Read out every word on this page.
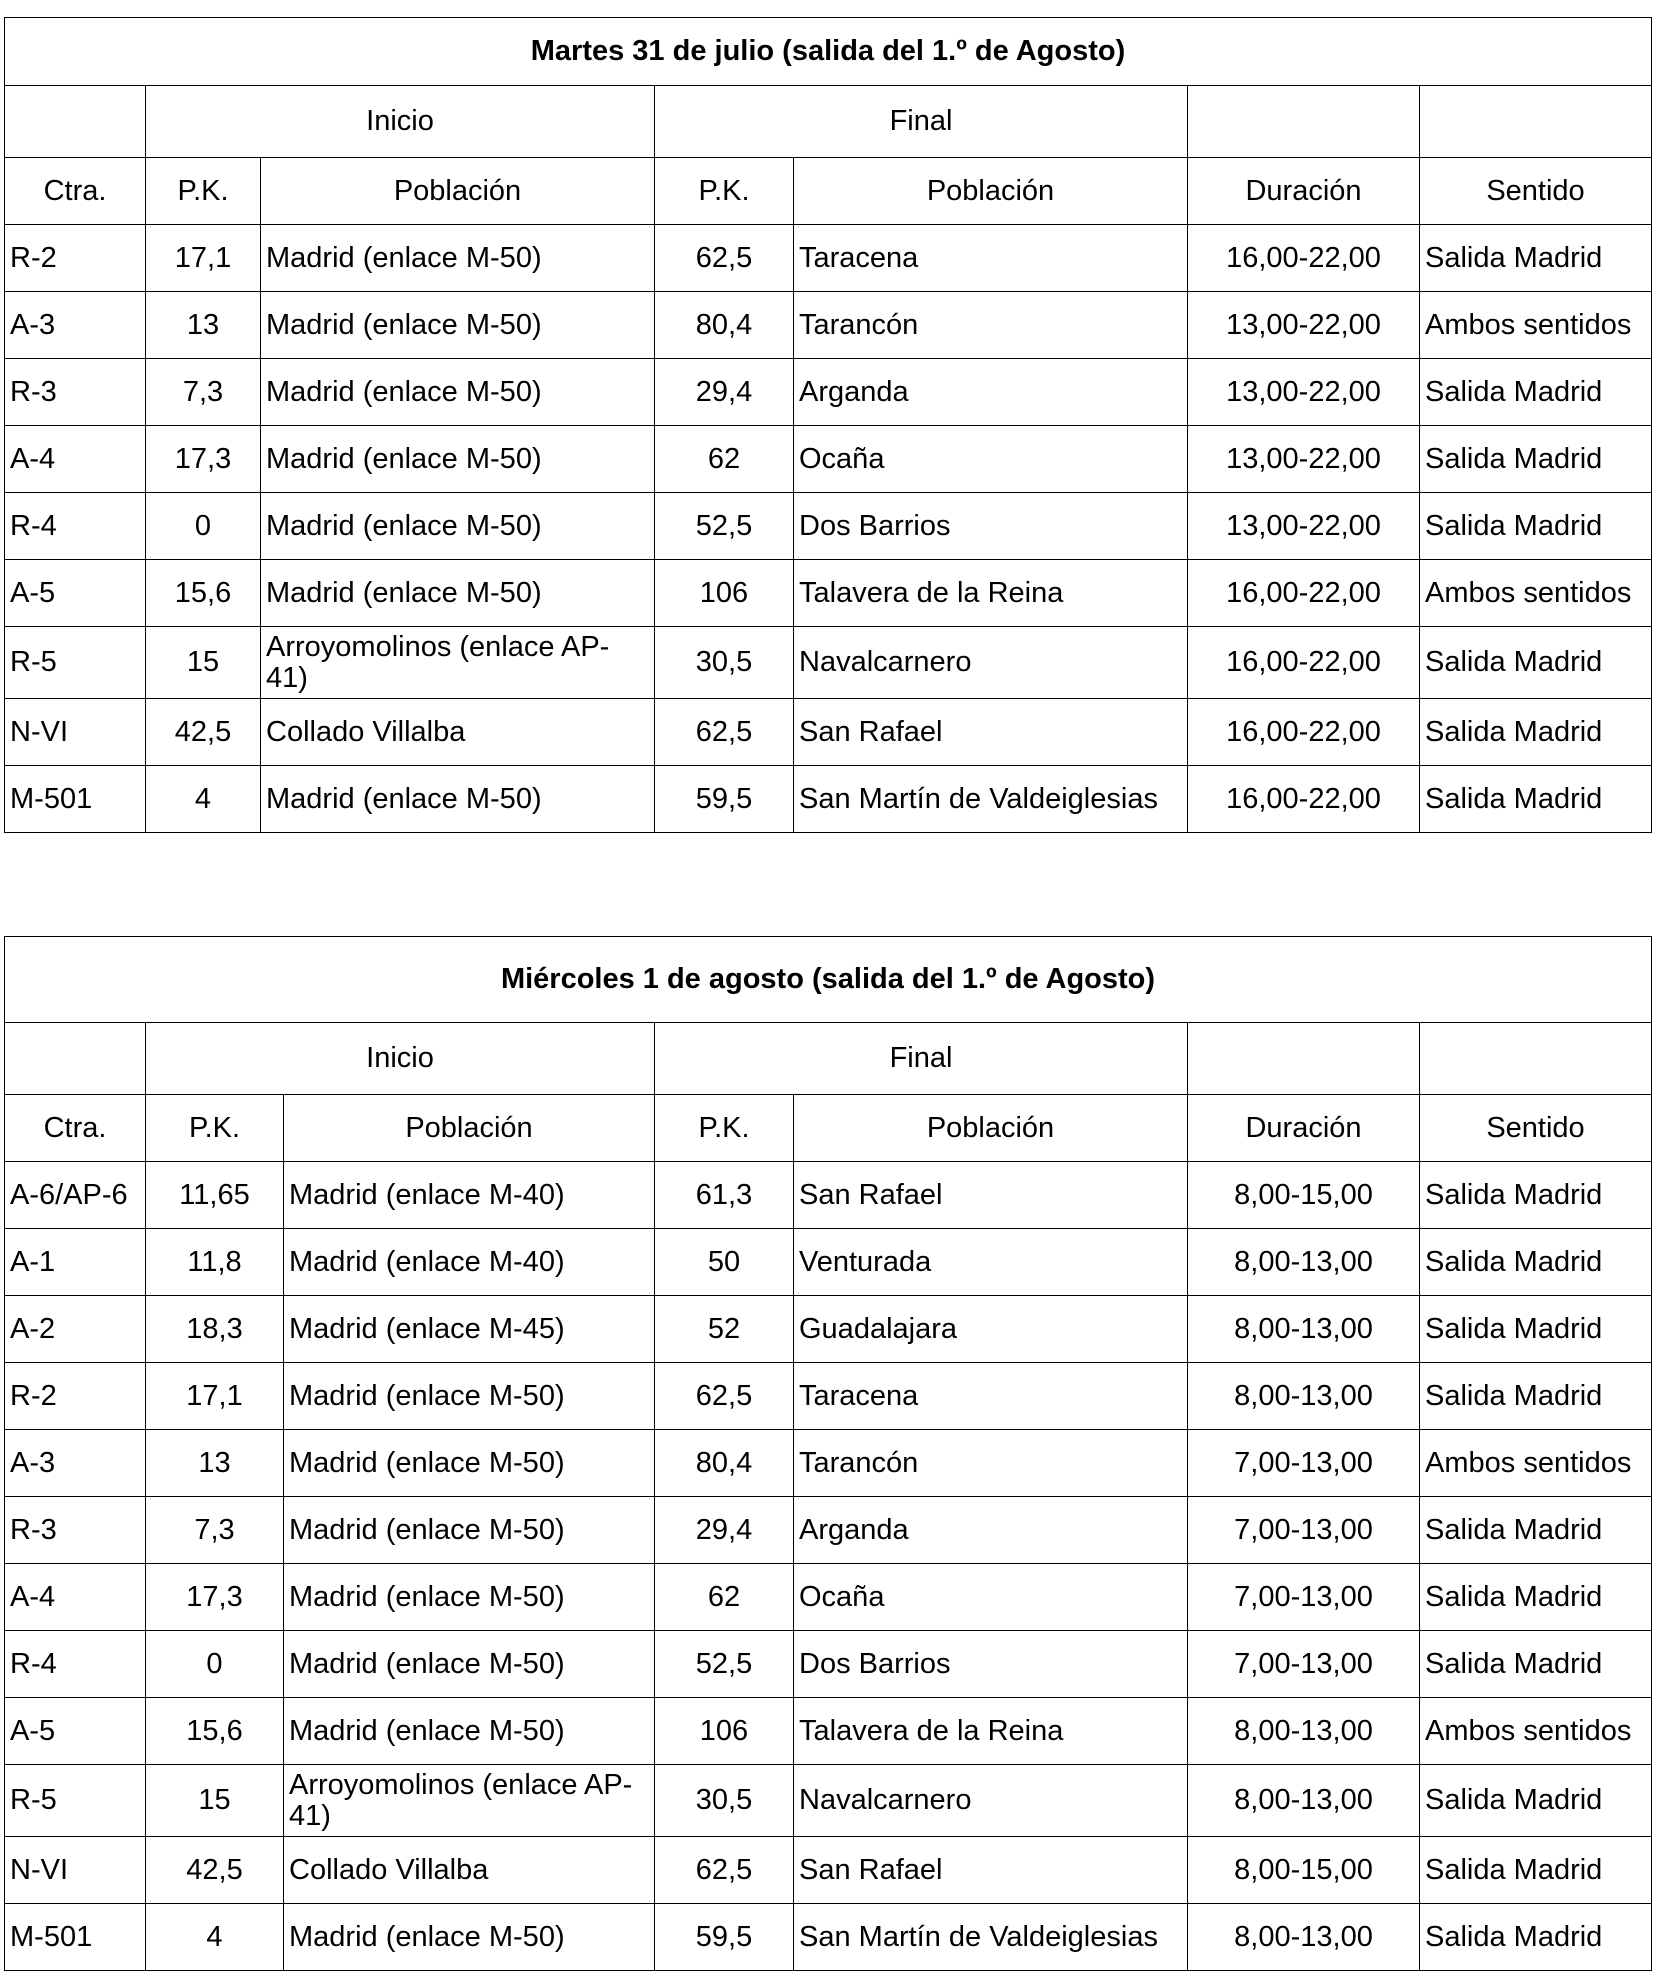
Martes 31 de julio (salida del 1.º de Agosto)						
	Inicio		Final			
Ctra.	P.K.	Población	P.K.	Población	Duración	Sentido
R-2	17,1	Madrid (enlace M-50)	62,5	Taracena	16,00-22,00	Salida Madrid
A-3	13	Madrid (enlace M-50)	80,4	Tarancón	13,00-22,00	Ambos sentidos
R-3	7,3	Madrid (enlace M-50)	29,4	Arganda	13,00-22,00	Salida Madrid
A-4	17,3	Madrid (enlace M-50)	62	Ocaña	13,00-22,00	Salida Madrid
R-4	0	Madrid (enlace M-50)	52,5	Dos Barrios	13,00-22,00	Salida Madrid
A-5	15,6	Madrid (enlace M-50)	106	Talavera de la Reina	16,00-22,00	Ambos sentidos
R-5	15	Arroyomolinos (enlace AP-41)	30,5	Navalcarnero	16,00-22,00	Salida Madrid
N-VI	42,5	Collado Villalba	62,5	San Rafael	16,00-22,00	Salida Madrid
M-501	4	Madrid (enlace M-50)	59,5	San Martín de Valdeiglesias	16,00-22,00	Salida Madrid
Miércoles 1 de agosto (salida del 1.º de Agosto)						
	Inicio		Final			
Ctra.	P.K.	Población	P.K.	Población	Duración	Sentido
A-6/AP-6	11,65	Madrid (enlace M-40)	61,3	San Rafael	8,00-15,00	Salida Madrid
A-1	11,8	Madrid (enlace M-40)	50	Venturada	8,00-13,00	Salida Madrid
A-2	18,3	Madrid (enlace M-45)	52	Guadalajara	8,00-13,00	Salida Madrid
R-2	17,1	Madrid (enlace M-50)	62,5	Taracena	8,00-13,00	Salida Madrid
A-3	13	Madrid (enlace M-50)	80,4	Tarancón	7,00-13,00	Ambos sentidos
R-3	7,3	Madrid (enlace M-50)	29,4	Arganda	7,00-13,00	Salida Madrid
A-4	17,3	Madrid (enlace M-50)	62	Ocaña	7,00-13,00	Salida Madrid
R-4	0	Madrid (enlace M-50)	52,5	Dos Barrios	7,00-13,00	Salida Madrid
A-5	15,6	Madrid (enlace M-50)	106	Talavera de la Reina	8,00-13,00	Ambos sentidos
R-5	15	Arroyomolinos (enlace AP-41)	30,5	Navalcarnero	8,00-13,00	Salida Madrid
N-VI	42,5	Collado Villalba	62,5	San Rafael	8,00-15,00	Salida Madrid
M-501	4	Madrid (enlace M-50)	59,5	San Martín de Valdeiglesias	8,00-13,00	Salida Madrid
